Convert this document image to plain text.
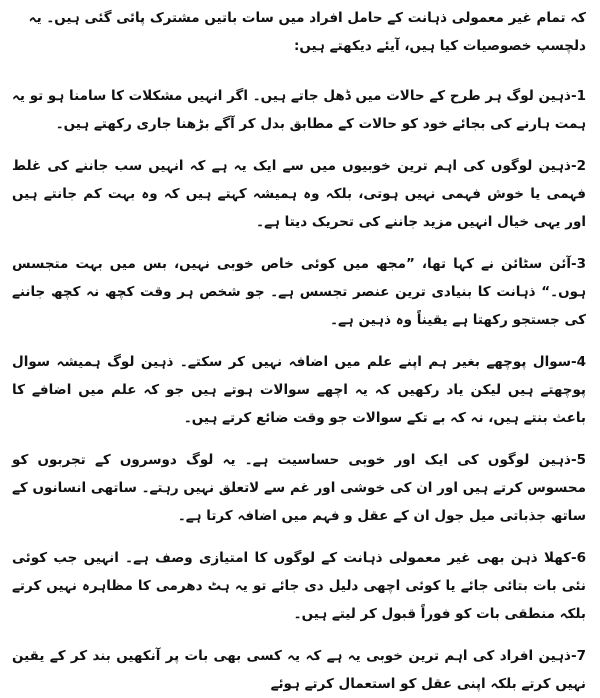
کہ تمام غیر معمولی ذہانت کے حامل افراد میں سات باتیں مشترک پائی گئی ہیں۔ یہ دلچسپ خصوصیات کیا ہیں، آیئے دیکھتے ہیں:

1-ذہین لوگ ہر طرح کے حالات میں ڈھل جاتے ہیں۔ اگر انہیں مشکلات کا سامنا ہو تو یہ ہمت ہارنے کی بجائے خود کو حالات کے مطابق بدل کر آگے بڑھنا جاری رکھتے ہیں۔

2-ذہین لوگوں کی اہم ترین خوبیوں میں سے ایک یہ ہے کہ انہیں سب جاننے کی غلط فہمی یا خوش فہمی نہیں ہوتی، بلکہ وہ ہمیشہ کہتے ہیں کہ وہ بہت کم جانتے ہیں اور یہی خیال انہیں مزید جاننے کی تحریک دیتا ہے۔

3-آئن سٹائن نے کہا تھا، ”مجھ میں کوئی خاص خوبی نہیں، بس میں بہت متجسس ہوں۔“ ذہانت کا بنیادی ترین عنصر تجسس ہے۔ جو شخص ہر وقت کچھ نہ کچھ جاننے کی جستجو رکھتا ہے یقیناً وہ ذہین ہے۔

4-سوال پوچھے بغیر ہم اپنے علم میں اضافہ نہیں کر سکتے۔ ذہین لوگ ہمیشہ سوال پوچھتے ہیں لیکن یاد رکھیں کہ یہ اچھے سوالات ہوتے ہیں جو کہ علم میں اضافے کا باعث بنتے ہیں، نہ کہ بے تکے سوالات جو وقت ضائع کرتے ہیں۔

5-ذہین لوگوں کی ایک اور خوبی حساسیت ہے۔ یہ لوگ دوسروں کے تجربوں کو محسوس کرتے ہیں اور ان کی خوشی اور غم سے لاتعلق نہیں رہتے۔ ساتھی انسانوں کے ساتھ جذباتی میل جول ان کے عقل و فہم میں اضافہ کرتا ہے۔

6-کھلا ذہن بھی غیر معمولی ذہانت کے لوگوں کا امتیازی وصف ہے۔ انہیں جب کوئی نئی بات بتائی جائے یا کوئی اچھی دلیل دی جائے تو یہ ہٹ دھرمی کا مظاہرہ نہیں کرتے بلکہ منطقی بات کو فوراً قبول کر لیتے ہیں۔

7-ذہین افراد کی اہم ترین خوبی یہ ہے کہ یہ کسی بھی بات پر آنکھیں بند کر کے یقین نہیں کرتے بلکہ اپنی عقل کو استعمال کرتے ہوئے
